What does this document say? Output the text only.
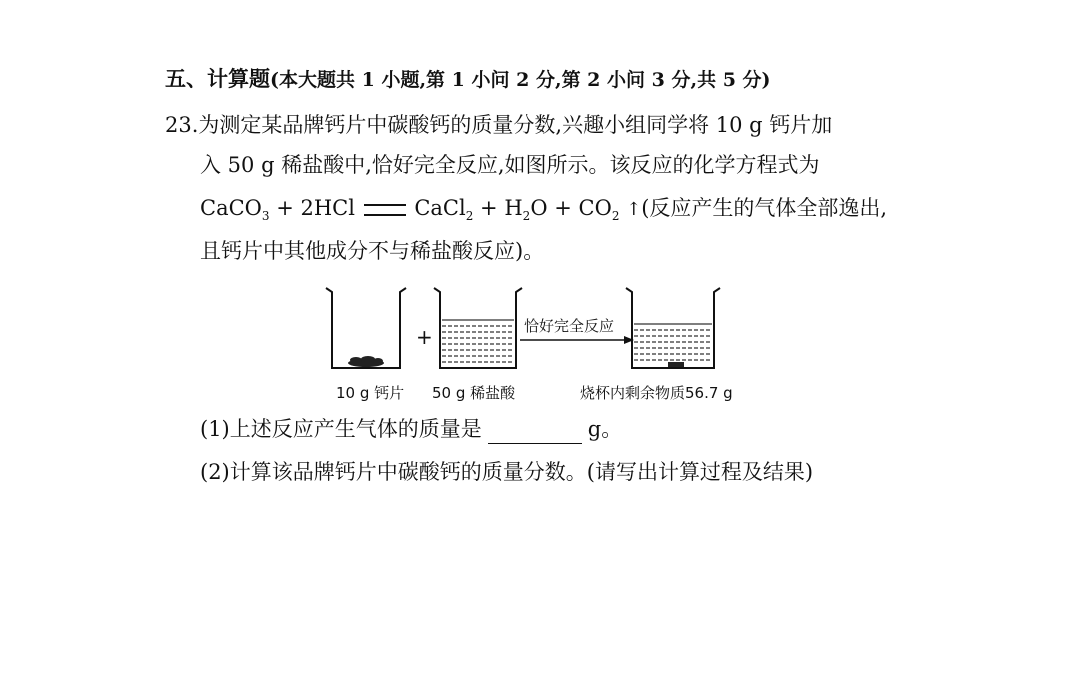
五、计算题(本大题共 1 小题,第 1 小问 2 分,第 2 小问 3 分,共 5 分)
23.为测定某品牌钙片中碳酸钙的质量分数,兴趣小组同学将 10 g 钙片加
入 50 g 稀盐酸中,恰好完全反应,如图所示。该反应的化学方程式为
CaCO$_3$ + 2HCl	CaCl$_2$ + $H_2O + CO_2$ ↑(反应产生的气体全部逸出,
且钙片中其他成分不与稀盐酸反应)。
+	恰好完全反应
10 g 钙片 50 g 稀盐酸	烧杯内剩余物质56.7 g
(1)上述反应产生气体的质量是	g。
(2)计算该品牌钙片中碳酸钙的质量分数。(请写出计算过程及结果)
